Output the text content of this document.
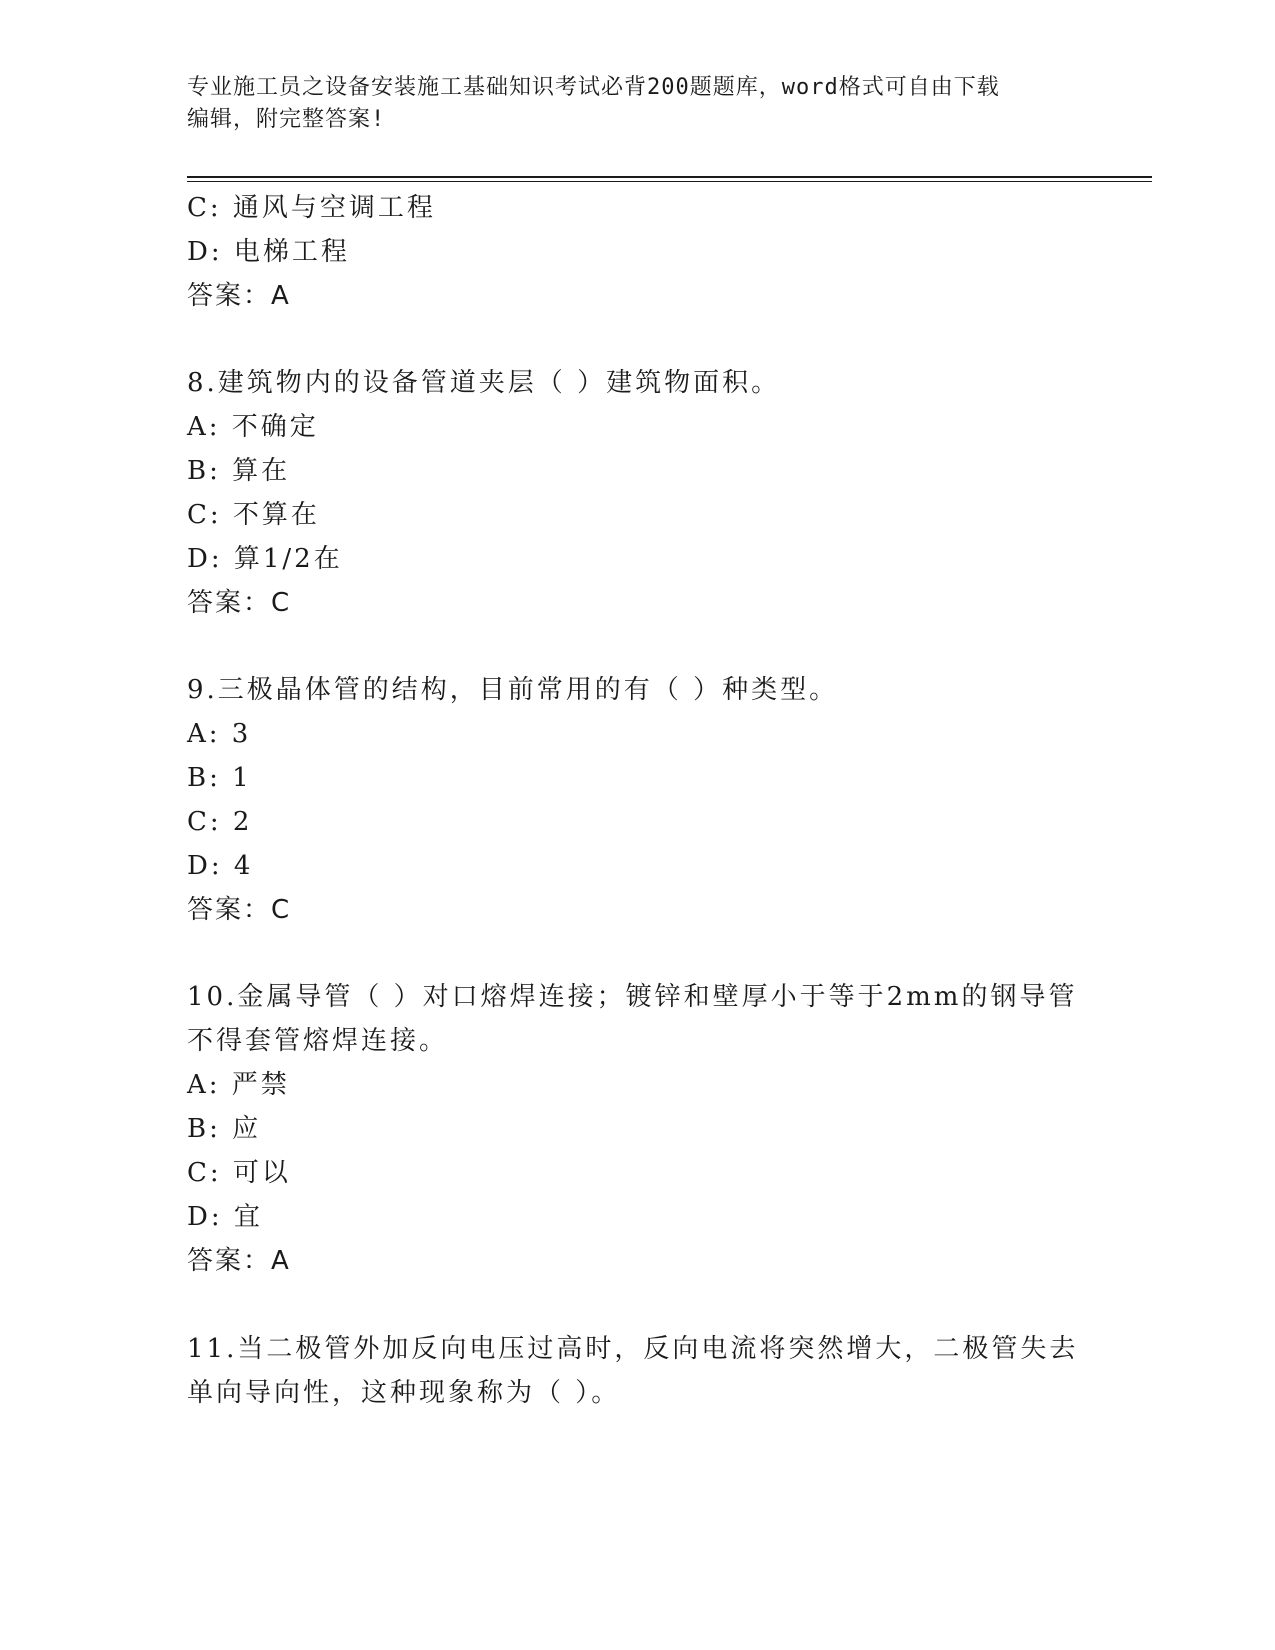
专业施工员之设备安装施工基础知识考试必背200题题库，word格式可自由下载
编辑，附完整答案!
C: 通风与空调工程
D: 电梯工程
答案：A
8.建筑物内的设备管道夹层（ ）建筑物面积。
A: 不确定
B: 算在
C: 不算在
D: 算1/2在
答案：C
9.三极晶体管的结构，目前常用的有（ ）种类型。
A: 3
B: 1
C: 2
D: 4
答案：C
10.金属导管（ ）对口熔焊连接；镀锌和壁厚小于等于2mm的钢导管
不得套管熔焊连接。
A: 严禁
B: 应
C: 可以
D: 宜
答案：A
11.当二极管外加反向电压过高时，反向电流将突然增大，二极管失去
单向导向性，这种现象称为（ ）。
